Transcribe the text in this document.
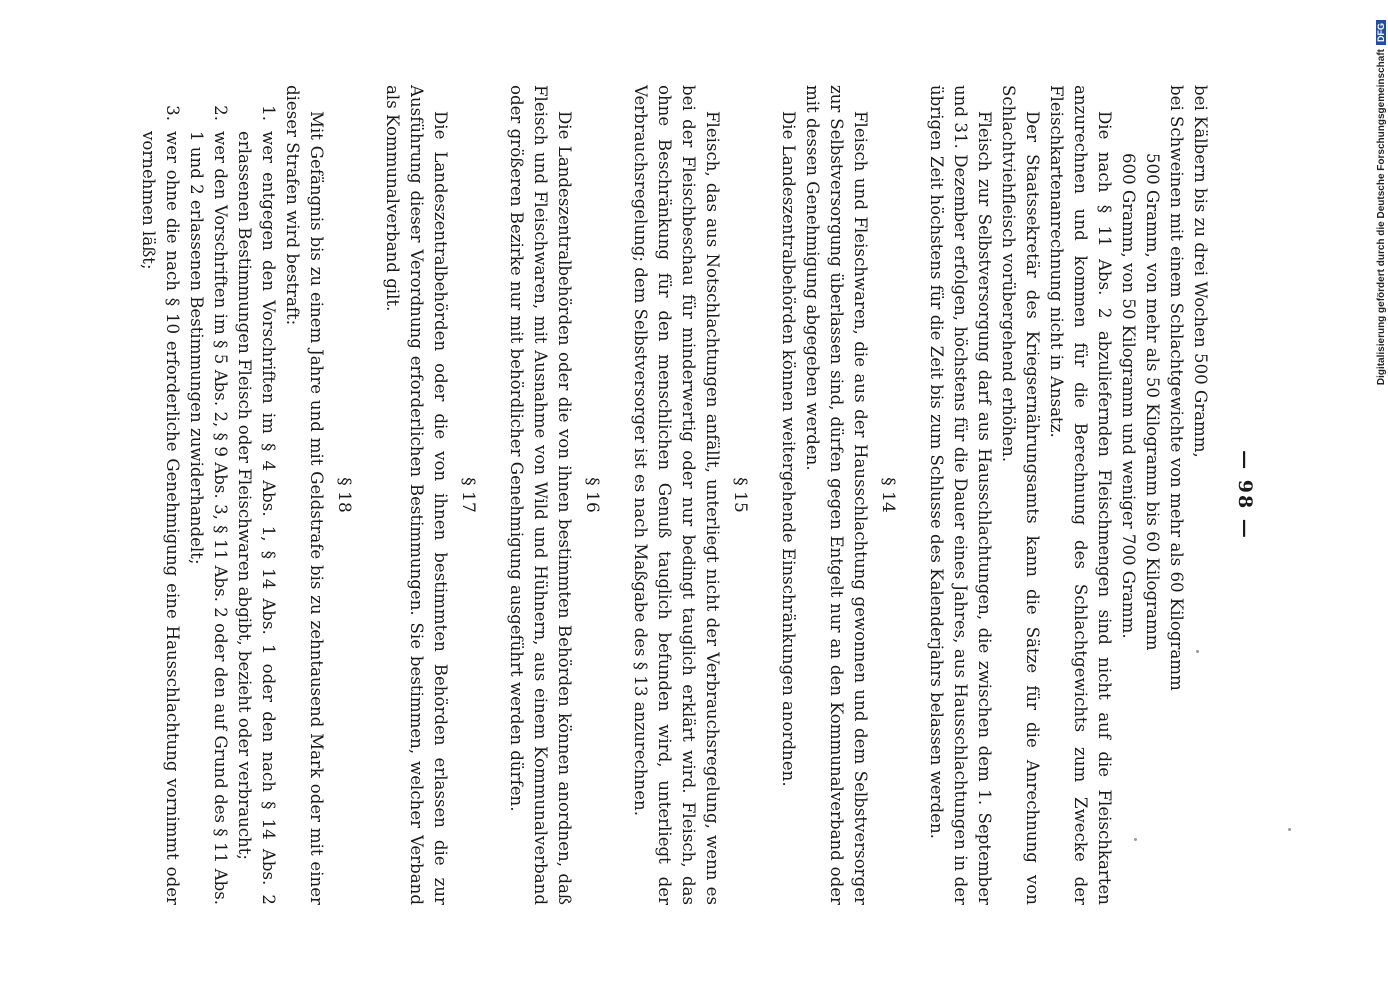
— 98 —

bei Kälbern bis zu drei Wochen 500 Gramm,

bei Schweinen mit einem Schlachtgewichte von mehr als 60 Kilogramm

500 Gramm, von mehr als 50 Kilogramm bis 60 Kilogramm

600 Gramm, von 50 Kilogramm und weniger 700 Gramm.

Die nach § 11 Abs. 2 abzuliefernden Fleischmengen sind nicht auf die Fleischkarten anzurechnen und kommen für die Berechnung des Schlachtgewichts zum Zwecke der Fleischkartenanrechnung nicht in Ansatz.

Der Staatssekretär des Kriegsernährungsamts kann die Sätze für die Anrechnung von Schlachtviehfleisch vorübergehend erhöhen.

Fleisch zur Selbstversorgung darf aus Hausschlachtungen, die zwischen dem 1. September und 31. Dezember erfolgen, höchstens für die Dauer eines Jahres, aus Hausschlachtungen in der übrigen Zeit höchstens für die Zeit bis zum Schlusse des Kalenderjahrs belassen werden.

§ 14

Fleisch und Fleischwaren, die aus der Hausschlachtung gewonnen und dem Selbstversorger zur Selbstversorgung überlassen sind, dürfen gegen Entgelt nur an den Kommunalverband oder mit dessen Genehmigung abgegeben werden.

Die Landeszentralbehörden können weitergehende Einschränkungen anordnen.

§ 15

Fleisch, das aus Notschlachtungen anfällt, unterliegt nicht der Verbrauchsregelung, wenn es bei der Fleischbeschau für minderwertig oder nur bedingt tauglich erklärt wird. Fleisch, das ohne Beschränkung für den menschlichen Genuß tauglich befunden wird, unterliegt der Verbrauchsregelung; dem Selbstversorger ist es nach Maßgabe des § 13 anzurechnen.

§ 16

Die Landeszentralbehörden oder die von ihnen bestimmten Behörden können anordnen, daß Fleisch und Fleischwaren, mit Ausnahme von Wild und Hühnern, aus einem Kommunalverband oder größeren Bezirke nur mit behördlicher Genehmigung ausgeführt werden dürfen.

§ 17

Die Landeszentralbehörden oder die von ihnen bestimmten Behörden erlassen die zur Ausführung dieser Verordnung erforderlichen Bestimmungen. Sie bestimmen, welcher Verband als Kommunalverband gilt.

§ 18

Mit Gefängnis bis zu einem Jahre und mit Geldstrafe bis zu zehntausend Mark oder mit einer dieser Strafen wird bestraft:

1.
wer entgegen den Vorschriften im § 4 Abs. 1, § 14 Abs. 1 oder den nach § 14 Abs. 2 erlassenen Bestimmungen Fleisch oder Fleischwaren abgibt, bezieht oder verbraucht;
2.
wer den Vorschriften im § 5 Abs. 2, § 9 Abs. 3, § 11 Abs. 2 oder den auf Grund des § 11 Abs. 1 und 2 erlassenen Bestimmungen zuwiderhandelt;
3.
wer ohne die nach § 10 erforderliche Genehmigung eine Hausschlachtung vornimmt oder vornehmen läßt;	Digitalisierung gefördert durch die Deutsche Forschungsgemeinschaft
DFG
